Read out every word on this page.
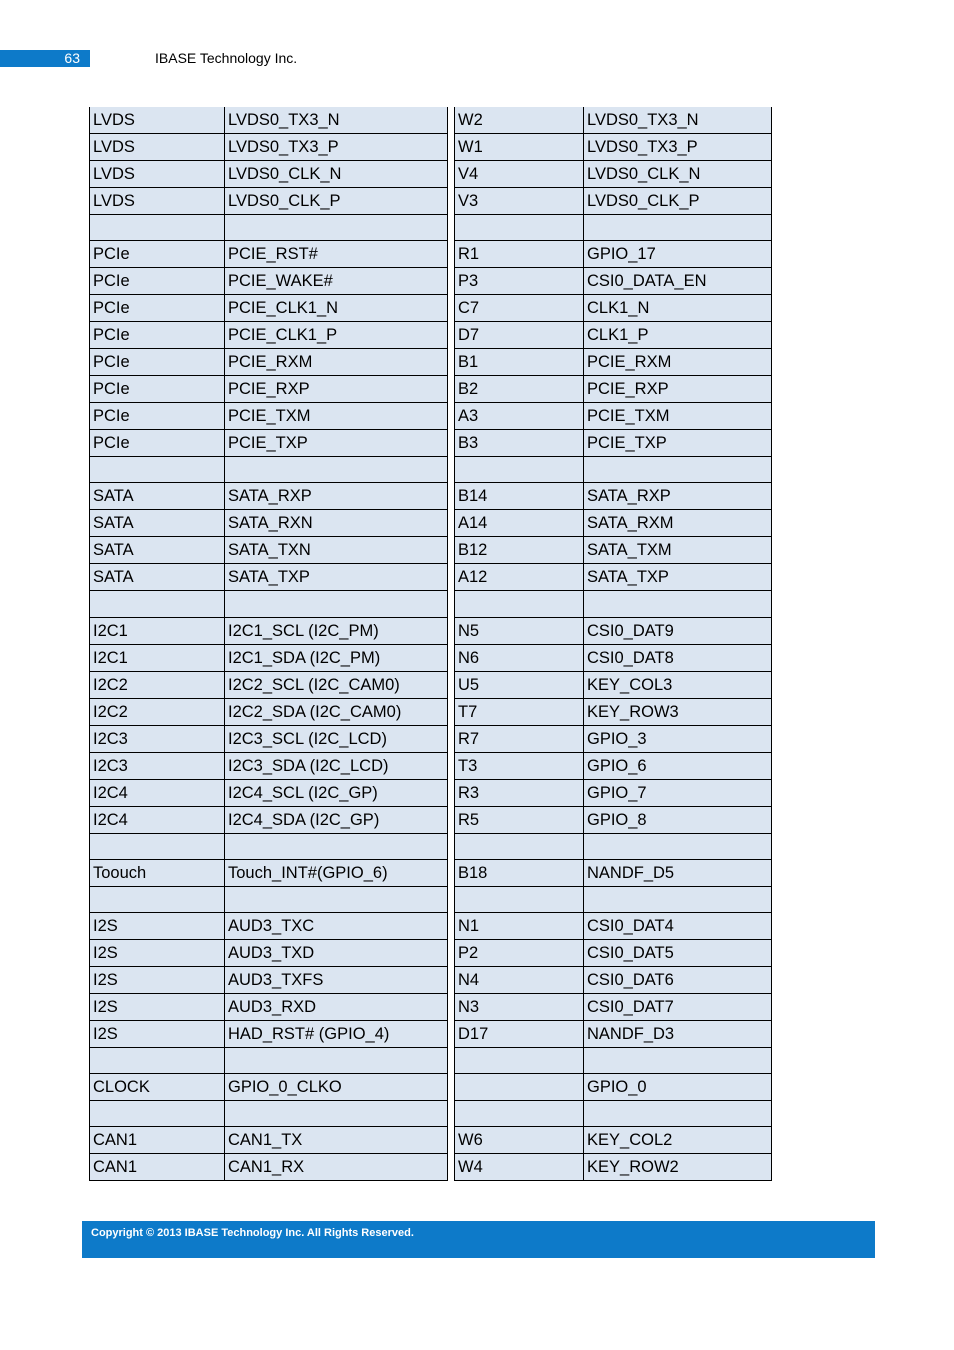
63	IBASE Technology Inc.
LVDS	LVDS0_TX3_N		W2	LVDS0_TX3_N
LVDS	LVDS0_TX3_P		W1	LVDS0_TX3_P
LVDS	LVDS0_CLK_N		V4	LVDS0_CLK_N
LVDS	LVDS0_CLK_P		V3	LVDS0_CLK_P

PCIe	PCIE_RST#		R1	GPIO_17
PCIe	PCIE_WAKE#		P3	CSI0_DATA_EN
PCIe	PCIE_CLK1_N		C7	CLK1_N
PCIe	PCIE_CLK1_P		D7	CLK1_P
PCIe	PCIE_RXM		B1	PCIE_RXM
PCIe	PCIE_RXP		B2	PCIE_RXP
PCIe	PCIE_TXM		A3	PCIE_TXM
PCIe	PCIE_TXP		B3	PCIE_TXP

SATA	SATA_RXP		B14	SATA_RXP
SATA	SATA_RXN		A14	SATA_RXM
SATA	SATA_TXN		B12	SATA_TXM
SATA	SATA_TXP		A12	SATA_TXP

I2C1	I2C1_SCL (I2C_PM)		N5	CSI0_DAT9
I2C1	I2C1_SDA (I2C_PM)		N6	CSI0_DAT8
I2C2	I2C2_SCL (I2C_CAM0)		U5	KEY_COL3
I2C2	I2C2_SDA (I2C_CAM0)		T7	KEY_ROW3
I2C3	I2C3_SCL (I2C_LCD)		R7	GPIO_3
I2C3	I2C3_SDA (I2C_LCD)		T3	GPIO_6
I2C4	I2C4_SCL (I2C_GP)		R3	GPIO_7
I2C4	I2C4_SDA (I2C_GP)		R5	GPIO_8

Toouch	Touch_INT#(GPIO_6)		B18	NANDF_D5

I2S	AUD3_TXC		N1	CSI0_DAT4
I2S	AUD3_TXD		P2	CSI0_DAT5
I2S	AUD3_TXFS		N4	CSI0_DAT6
I2S	AUD3_RXD		N3	CSI0_DAT7
I2S	HAD_RST# (GPIO_4)		D17	NANDF_D3

CLOCK	GPIO_0_CLKO			GPIO_0

CAN1	CAN1_TX		W6	KEY_COL2
CAN1	CAN1_RX		W4	KEY_ROW2
Copyright © 2013 IBASE Technology Inc. All Rights Reserved.
